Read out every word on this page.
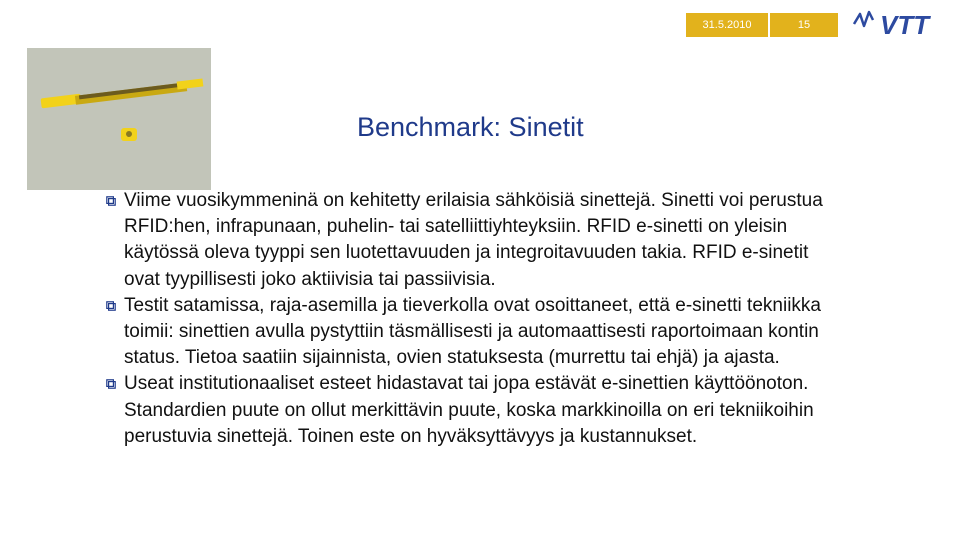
31.5.2010	15	VTT
Benchmark: Sinetit
Viime vuosikymmeninä on kehitetty erilaisia sähköisiä sinettejä. Sinetti voi perustua RFID:hen, infrapunaan, puhelin- tai satelliittiyhteyksiin. RFID e-sinetti on yleisin käytössä oleva tyyppi sen luotettavuuden ja integroitavuuden takia. RFID e-sinetit ovat tyypillisesti joko aktiivisia tai passiivisia.
Testit satamissa, raja-asemilla ja tieverkolla ovat osoittaneet, että e-sinetti tekniikka toimii: sinettien avulla pystyttiin täsmällisesti ja automaattisesti raportoimaan kontin status. Tietoa saatiin sijainnista, ovien statuksesta (murrettu tai ehjä) ja ajasta.
Useat institutionaaliset esteet hidastavat tai jopa estävät e-sinettien käyttöönoton. Standardien puute on ollut merkittävin puute, koska markkinoilla on eri tekniikoihin perustuvia sinettejä. Toinen este on hyväksyttävyys ja kustannukset.
